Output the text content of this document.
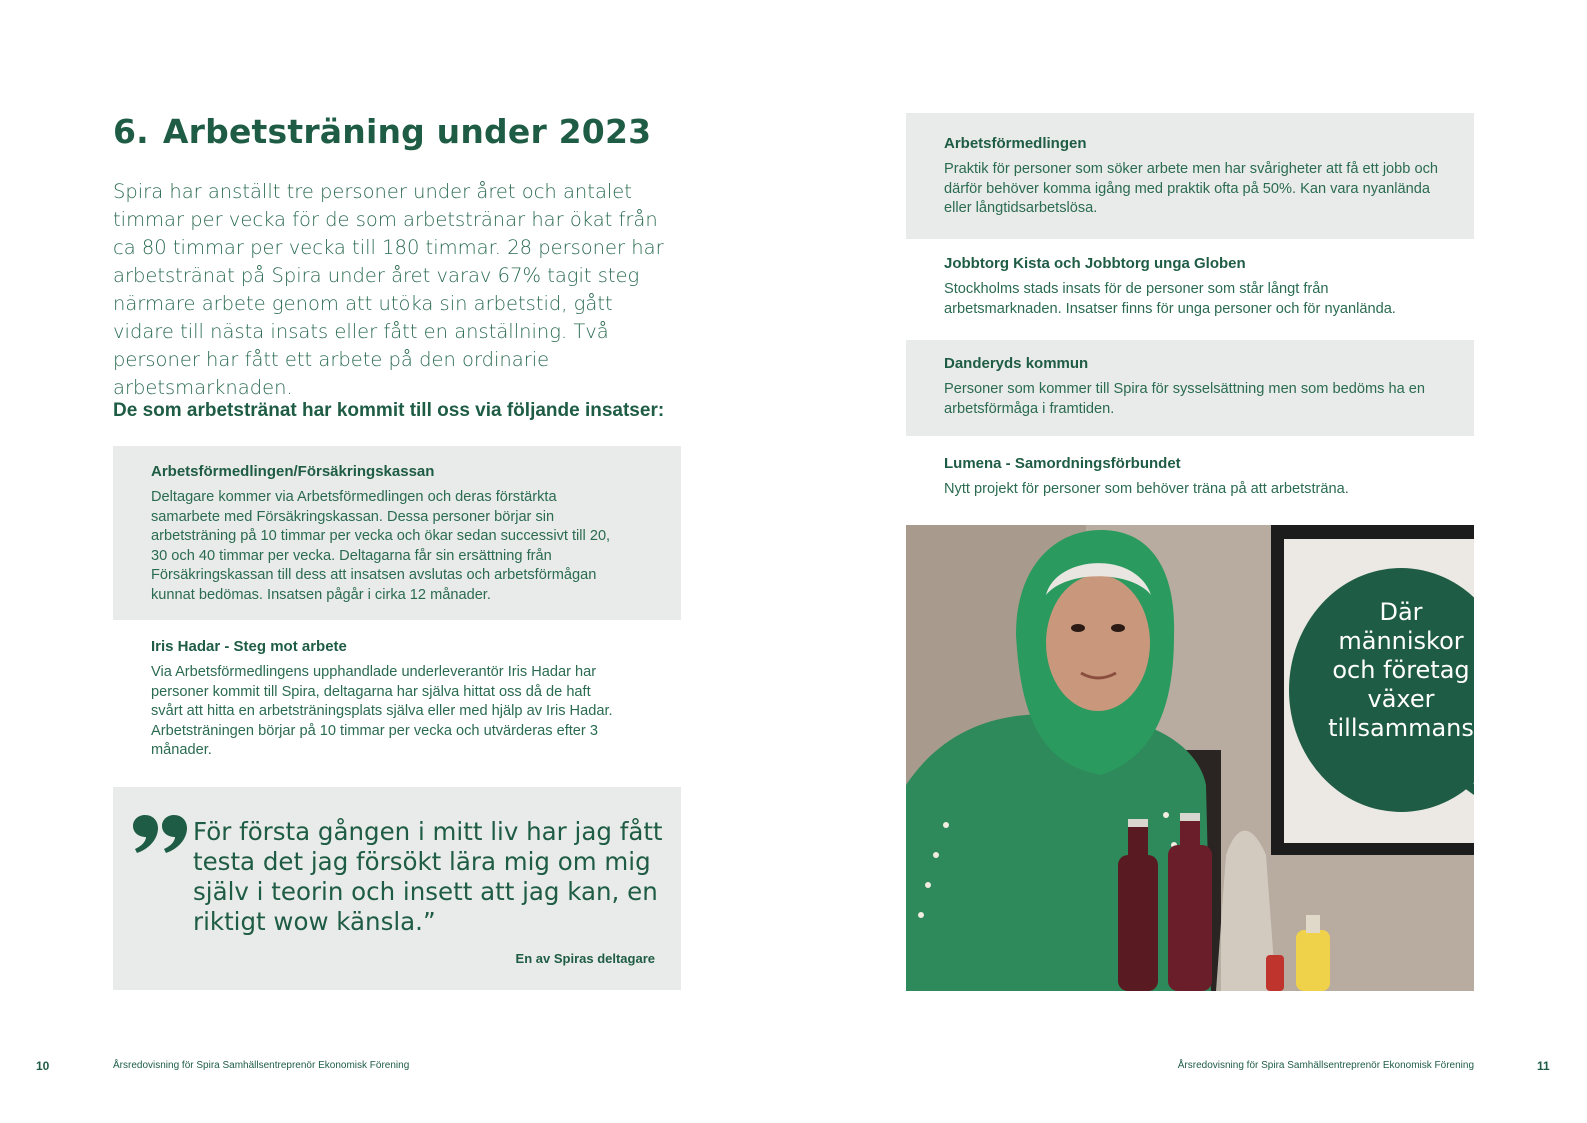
6. Arbetsträning under 2023

Spira har anställt tre personer under året och antalet timmar per vecka för de som arbetstränar har ökat från ca 80 timmar per vecka till 180 timmar. 28 personer har arbetstränat på Spira under året varav 67% tagit steg närmare arbete genom att utöka sin arbetstid, gått vidare till nästa insats eller fått en anställning. Två personer har fått ett arbete på den ordinarie arbetsmarknaden.

De som arbetstränat har kommit till oss via följande insatser:

Arbetsförmedlingen/Försäkringskassan

Deltagare kommer via Arbetsförmedlingen och deras förstärkta samarbete med Försäkringskassan. Dessa personer börjar sin arbetsträning på 10 timmar per vecka och ökar sedan successivt till 20, 30 och 40 timmar per vecka. Deltagarna får sin ersättning från Försäkringskassan till dess att insatsen avslutas och arbetsförmågan kunnat bedömas. Insatsen pågår i cirka 12 månader.

Iris Hadar - Steg mot arbete

Via Arbetsförmedlingens upphandlade underleverantör Iris Hadar har personer kommit till Spira, deltagarna har själva hittat oss då de haft svårt att hitta en arbetsträningsplats själva eller med hjälp av Iris Hadar. Arbetsträningen börjar på 10 timmar per vecka och utvärderas efter 3 månader.

För första gången i mitt liv har jag fått testa det jag försökt lära mig om mig själv i teorin och insett att jag kan, en riktigt wow känsla.”

En av Spiras deltagare

Arbetsförmedlingen

Praktik för personer som söker arbete men har svårigheter att få ett jobb och därför behöver komma igång med praktik ofta på 50%. Kan vara nyanlända eller långtidsarbetslösa.

Jobbtorg Kista och Jobbtorg unga Globen

Stockholms stads insats för de personer som står långt från arbetsmarknaden. Insatser finns för unga personer och för nyanlända.

Danderyds kommun

Personer som kommer till Spira för sysselsättning men som bedöms ha en arbetsförmåga i framtiden.

Lumena - Samordningsförbundet

Nytt projekt för personer som behöver träna på att arbetsträna.

Där
människor
och företag
växer
tillsammans
10	Årsredovisning för Spira Samhällsentreprenör Ekonomisk Förening	Årsredovisning för Spira Samhällsentreprenör Ekonomisk Förening	11
